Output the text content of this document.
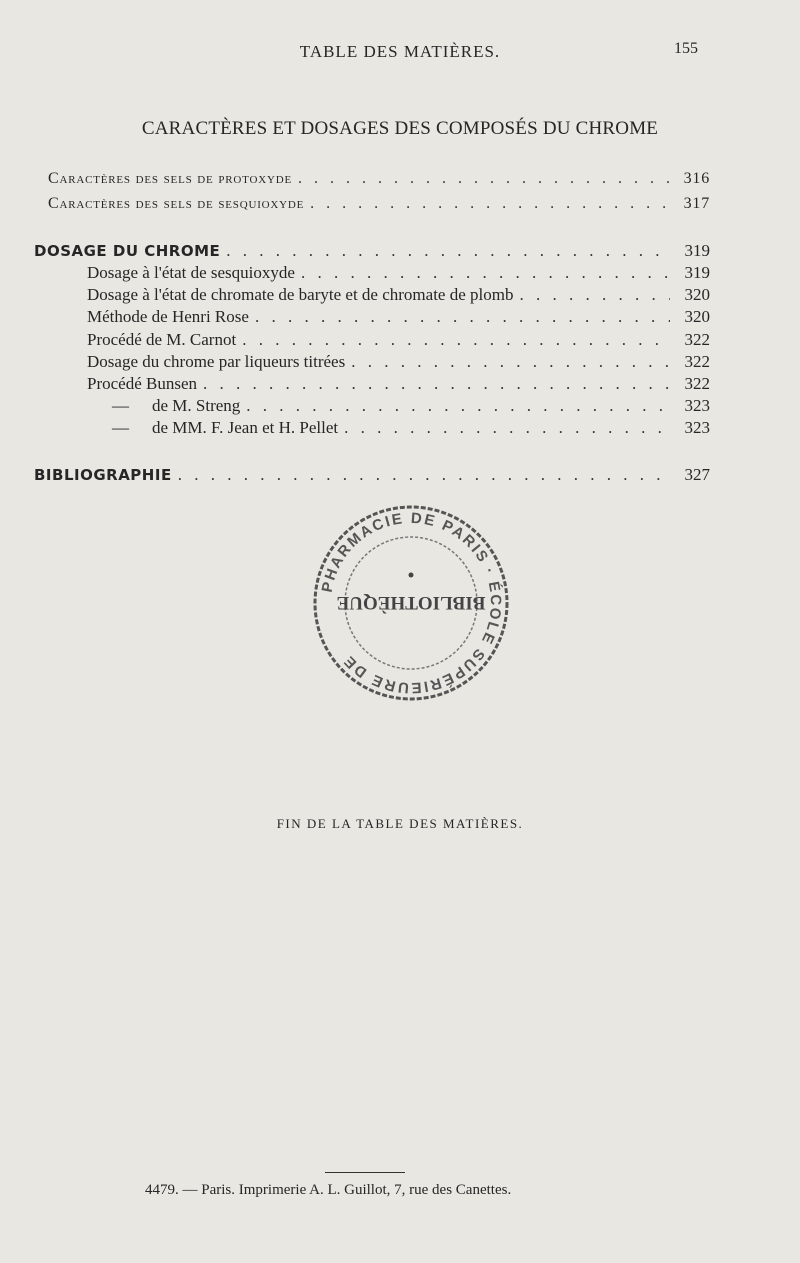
TABLE DES MATIÈRES.	155
CARACTÈRES ET DOSAGES DES COMPOSÉS DU CHROME
Caractères des sels de protoxyde . . .	316
Caractères des sels de sesquioxyde . . .	317
DOSAGE DU CHROME . . .	319
Dosage à l'état de sesquioxyde . . .	319
Dosage à l'état de chromate de baryte et de chromate de plomb . . .	320
Méthode de Henri Rose . . .	320
Procédé de M. Carnot . . .	322
Dosage du chrome par liqueurs titrées . . .	322
Procédé Bunsen . . .	322
— de M. Streng . . .	323
— de MM. F. Jean et H. Pellet . . .	323
BIBLIOGRAPHIE . . .	327
PHARMACIE DE PARIS · ÉCOLE SUPÉRIEURE DE
BIBLIOTHÈQUE
FIN DE LA TABLE DES MATIÈRES.
4479. — Paris. Imprimerie A. L. Guillot, 7, rue des Canettes.
